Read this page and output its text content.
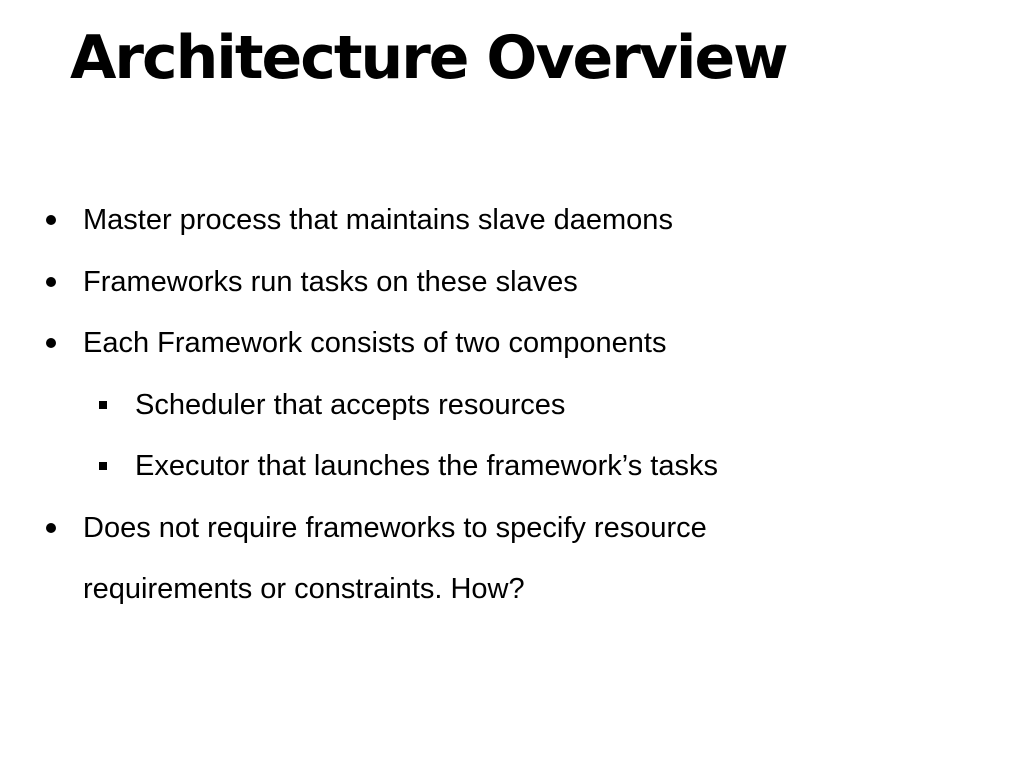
Architecture Overview
Master process that maintains slave daemons
Frameworks run tasks on these slaves
Each Framework consists of two components
Scheduler that accepts resources
Executor that launches the framework’s tasks
Does not require frameworks to specify resource requirements or constraints. How?
